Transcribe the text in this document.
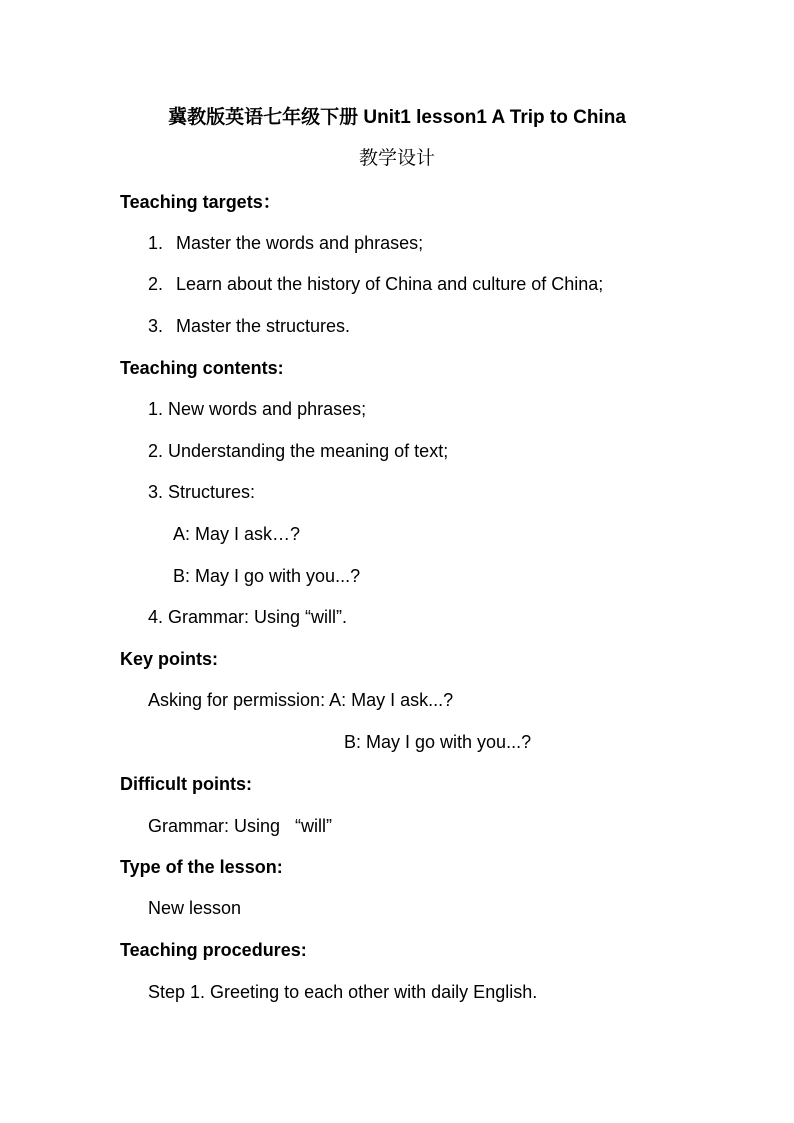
冀教版英语七年级下册 Unit1 lesson1 A Trip to China
教学设计
Teaching targets：
1. Master the words and phrases;
2. Learn about the history of China and culture of China;
3. Master the structures.
Teaching contents:
1. New words and phrases;
2. Understanding the meaning of text;
3. Structures:
A: May I ask…?
B: May I go with you...?
4. Grammar: Using “will”.
Key points:
Asking for permission: A: May I ask...?
B: May I go with you...?
Difficult points:
Grammar: Using   “will”
Type of the lesson:
New lesson
Teaching procedures:
Step 1. Greeting to each other with daily English.
